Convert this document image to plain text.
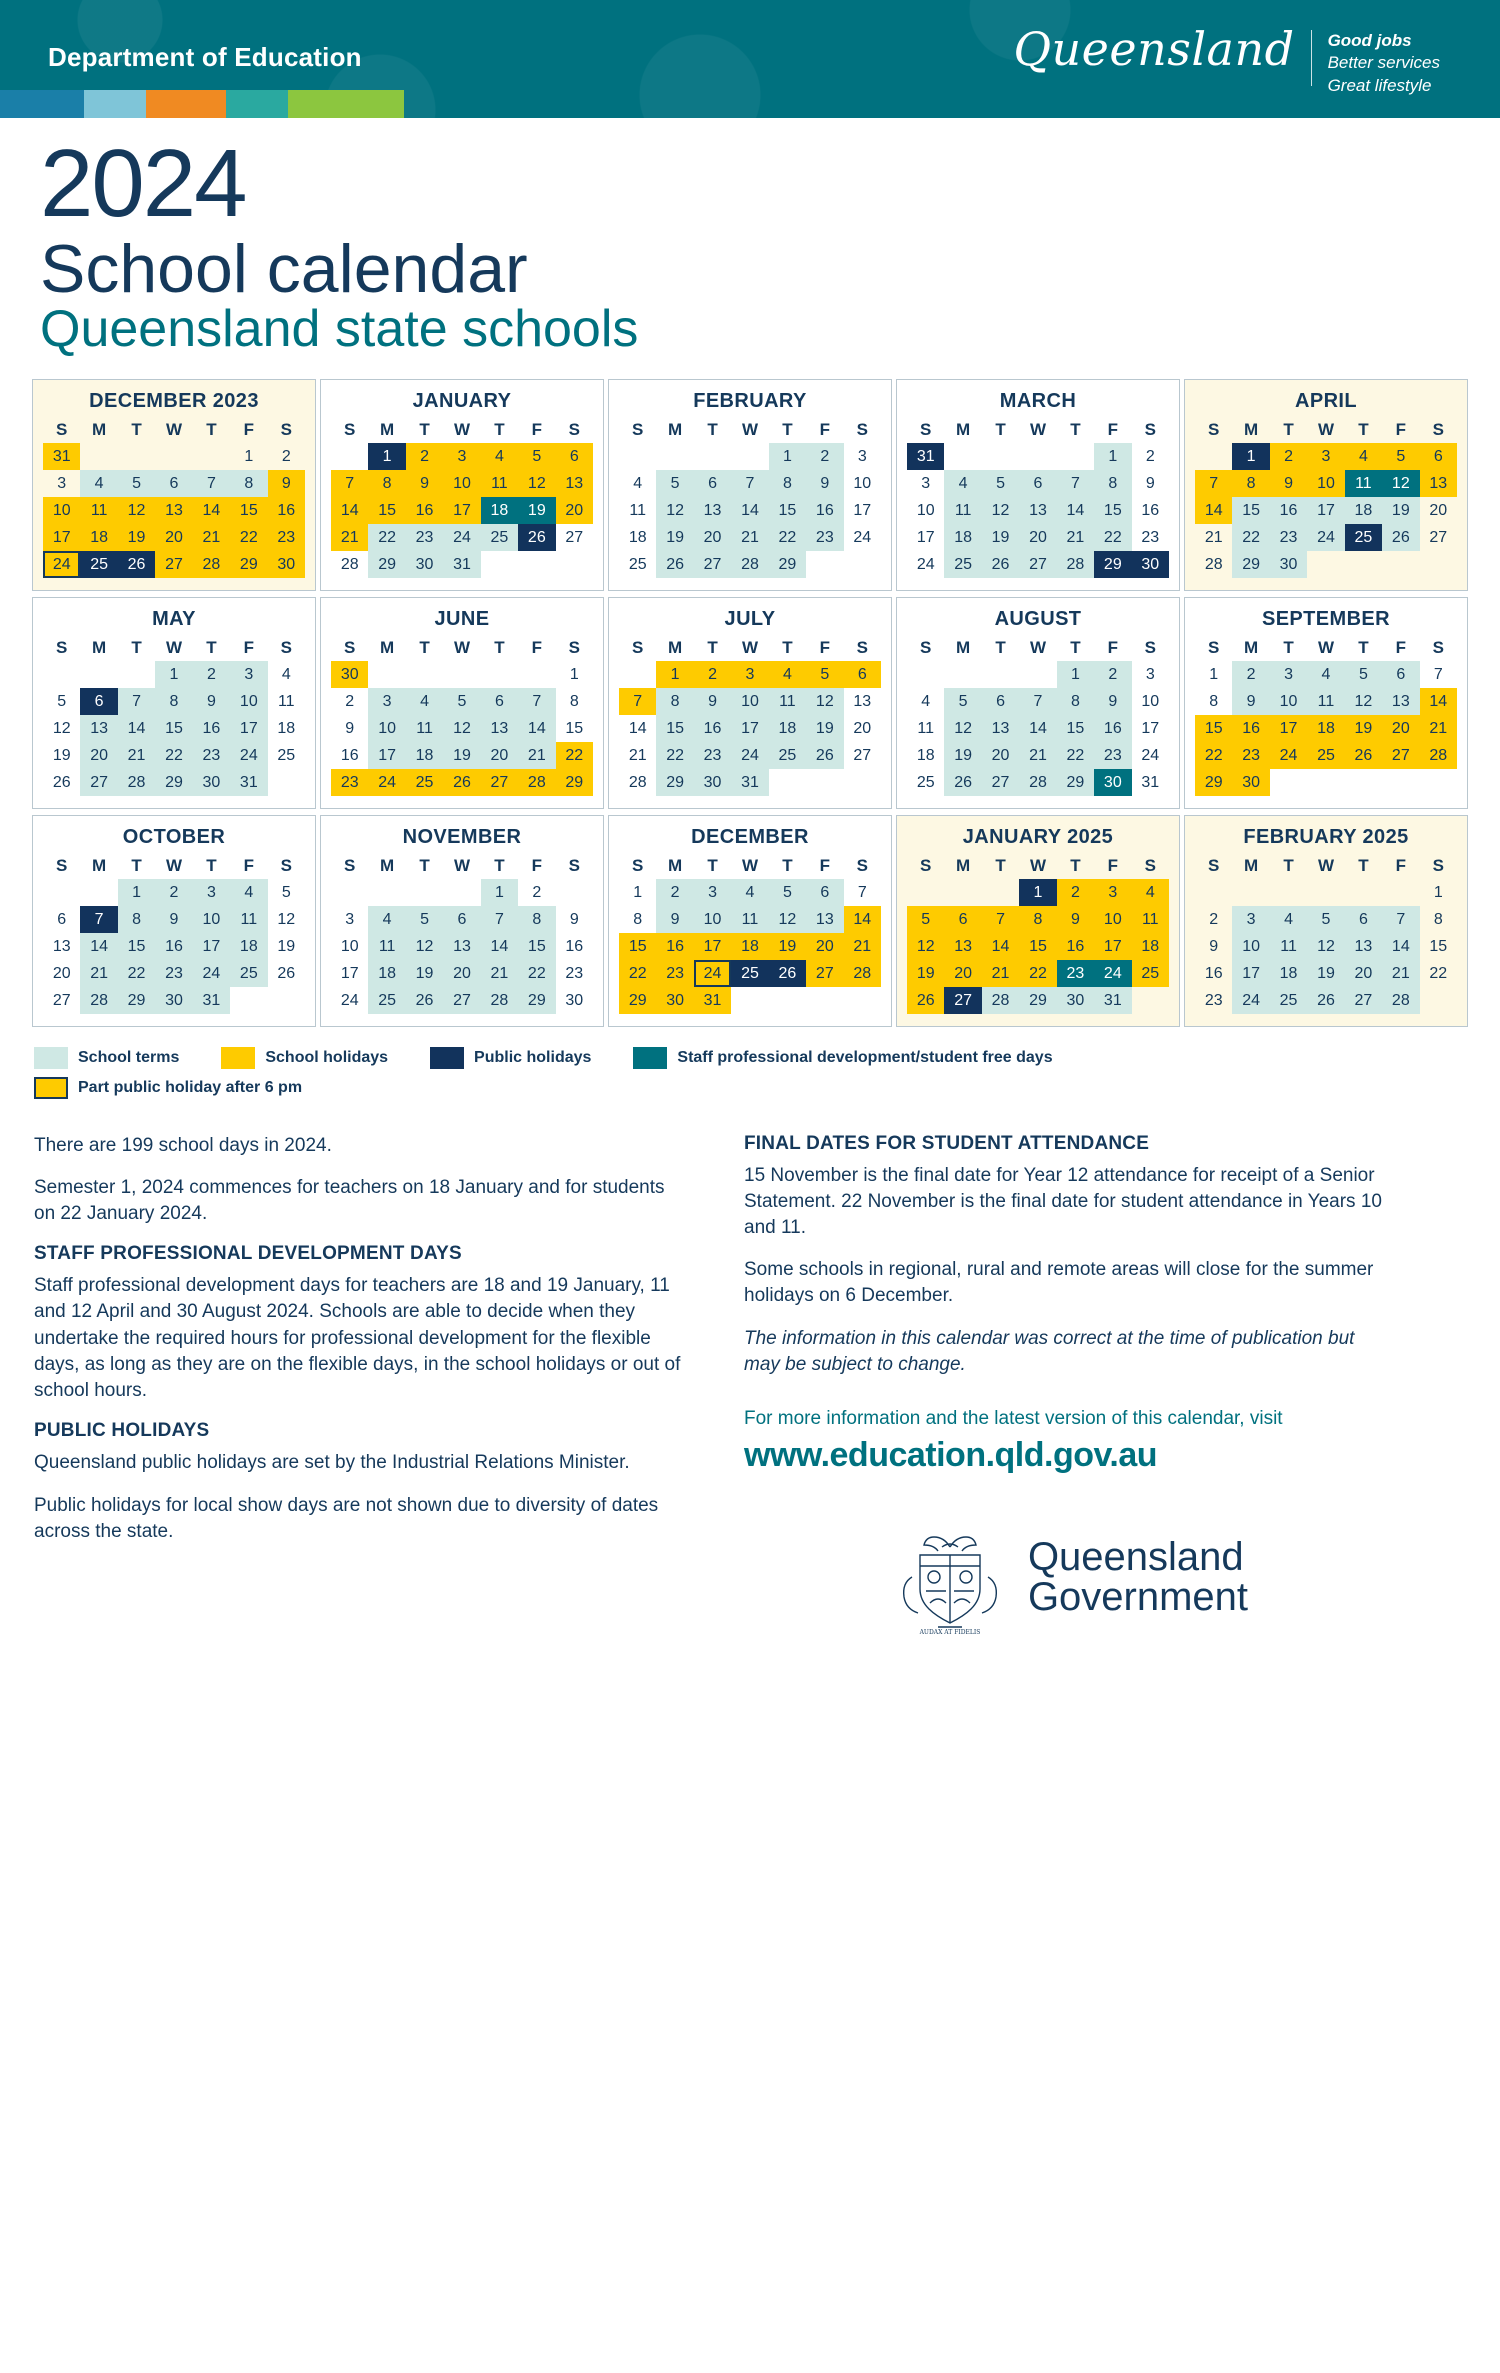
Department of Education	Queensland Good jobs
Better services
Great lifestyle
2024
School calendar
Queensland state schools
DECEMBER 2023
S	M	T	W	T	F	S

31					1	2

3	4	5	6	7	8	9

10	11	12	13	14	15	16

17	18	19	20	21	22	23

24	25	26	27	28	29	30
JANUARY
S	M	T	W	T	F	S

	1	2	3	4	5	6

7	8	9	10	11	12	13

14	15	16	17	18	19	20

21	22	23	24	25	26	27

28	29	30	31			

FEBRUARY
S	M	T	W	T	F	S

				1	2	3

4	5	6	7	8	9	10

11	12	13	14	15	16	17

18	19	20	21	22	23	24

25	26	27	28	29		

MARCH
S	M	T	W	T	F	S

31					1	2

3	4	5	6	7	8	9

10	11	12	13	14	15	16

17	18	19	20	21	22	23

24	25	26	27	28	29	30
APRIL
S	M	T	W	T	F	S

	1	2	3	4	5	6

7	8	9	10	11	12	13

14	15	16	17	18	19	20

21	22	23	24	25	26	27

28	29	30				

MAY
S	M	T	W	T	F	S

			1	2	3	4

5	6	7	8	9	10	11

12	13	14	15	16	17	18

19	20	21	22	23	24	25

26	27	28	29	30	31	

JUNE
S	M	T	W	T	F	S

30						1

2	3	4	5	6	7	8

9	10	11	12	13	14	15

16	17	18	19	20	21	22

23	24	25	26	27	28	29
JULY
S	M	T	W	T	F	S

	1	2	3	4	5	6

7	8	9	10	11	12	13

14	15	16	17	18	19	20

21	22	23	24	25	26	27

28	29	30	31			

AUGUST
S	M	T	W	T	F	S

				1	2	3

4	5	6	7	8	9	10

11	12	13	14	15	16	17

18	19	20	21	22	23	24

25	26	27	28	29	30	31
SEPTEMBER
S	M	T	W	T	F	S

1	2	3	4	5	6	7

8	9	10	11	12	13	14

15	16	17	18	19	20	21

22	23	24	25	26	27	28

29	30					

OCTOBER
S	M	T	W	T	F	S

		1	2	3	4	5

6	7	8	9	10	11	12

13	14	15	16	17	18	19

20	21	22	23	24	25	26

27	28	29	30	31		

NOVEMBER
S	M	T	W	T	F	S

				1	2	

3	4	5	6	7	8	9

10	11	12	13	14	15	16

17	18	19	20	21	22	23

24	25	26	27	28	29	30
DECEMBER
S	M	T	W	T	F	S

1	2	3	4	5	6	7

8	9	10	11	12	13	14

15	16	17	18	19	20	21

22	23	24	25	26	27	28

29	30	31				

JANUARY 2025
S	M	T	W	T	F	S

			1	2	3	4

5	6	7	8	9	10	11

12	13	14	15	16	17	18

19	20	21	22	23	24	25

26	27	28	29	30	31	

FEBRUARY 2025
S	M	T	W	T	F	S

						1

2	3	4	5	6	7	8

9	10	11	12	13	14	15

16	17	18	19	20	21	22

23	24	25	26	27	28	

School terms	School holidays	Public holidays	Staff professional development/student free days
Part public holiday after 6 pm

There are 199 school days in 2024.

Semester 1, 2024 commences for teachers on 18 January and for students on 22 January 2024.

STAFF PROFESSIONAL DEVELOPMENT DAYS

Staff professional development days for teachers are 18 and 19 January, 11 and 12 April and 30 August 2024. Schools are able to decide when they undertake the required hours for professional development for the flexible days, as long as they are on the flexible days, in the school holidays or out of school hours.

PUBLIC HOLIDAYS

Queensland public holidays are set by the Industrial Relations Minister.

Public holidays for local show days are not shown due to diversity of dates across the state.

FINAL DATES FOR STUDENT ATTENDANCE

15 November is the final date for Year 12 attendance for receipt of a Senior Statement. 22 November is the final date for student attendance in Years 10 and 11.

Some schools in regional, rural and remote areas will close for the summer holidays on 6 December.

The information in this calendar was correct at the time of publication but may be subject to change.

For more information and the latest version of this calendar, visit
www.education.qld.gov.au
AUDAX AT FIDELIS
Queensland
Government
